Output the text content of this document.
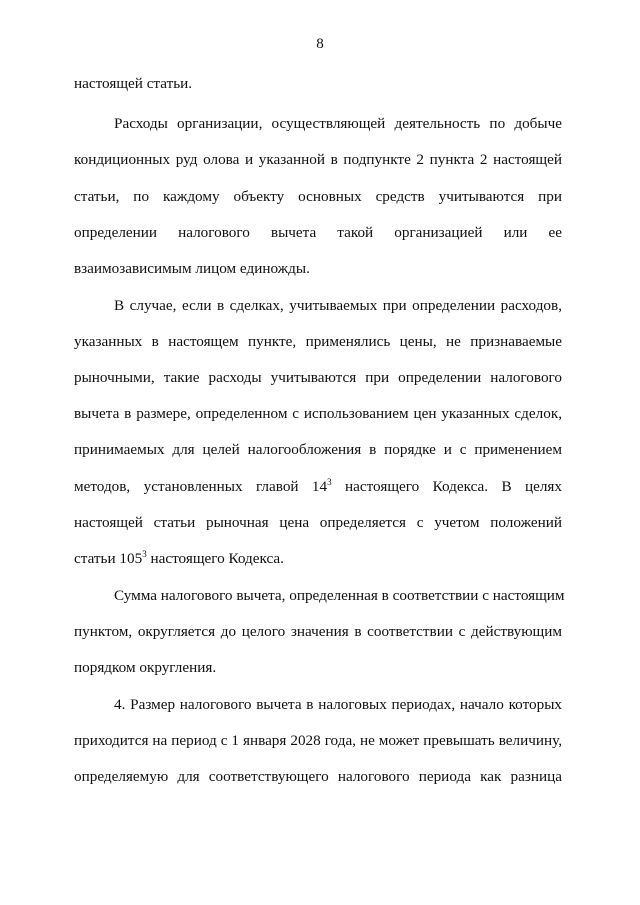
8
настоящей статьи.
Расходы организации, осуществляющей деятельность по добыче
кондиционных руд олова и указанной в подпункте 2 пункта 2 настоящей
статьи, по каждому объекту основных средств учитываются при
определении налогового вычета такой организацией или ее
взаимозависимым лицом единожды.
В случае, если в сделках, учитываемых при определении расходов,
указанных в настоящем пункте, применялись цены, не признаваемые
рыночными, такие расходы учитываются при определении налогового
вычета в размере, определенном с использованием цен указанных сделок,
принимаемых для целей налогообложения в порядке и с применением
методов, установленных главой $14^3$ настоящего Кодекса. В целях
настоящей статьи рыночная цена определяется с учетом положений
статьи $105^3$ настоящего Кодекса.
Сумма налогового вычета, определенная в соответствии с настоящим
пунктом, округляется до целого значения в соответствии с действующим
порядком округления.
4. Размер налогового вычета в налоговых периодах, начало которых
приходится на период с 1 января 2028 года, не может превышать величину,
определяемую для соответствующего налогового периода как разница
